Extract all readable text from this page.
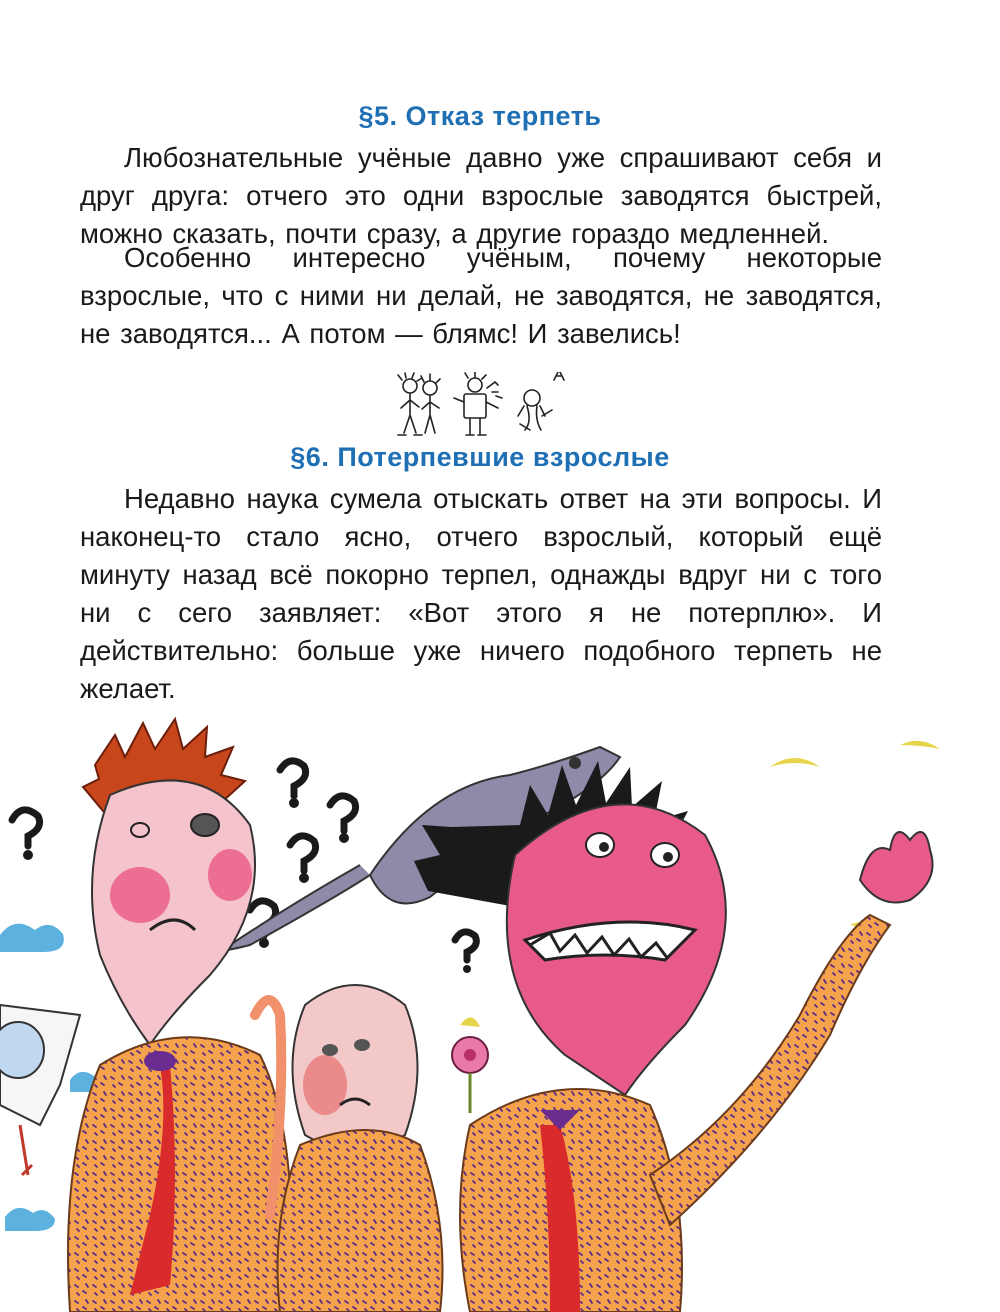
§5. Отказ терпеть

Любознательные учёные давно уже спрашивают себя и друг друга: отчего это одни взрослые заводятся быстрей, можно сказать, почти сразу, а другие гораздо медленней.

Особенно интересно учёным, почему некоторые взрослые, что с ними ни делай, не заводятся, не заводятся, не заводятся... А потом — блямс! И завелись!

§6. Потерпевшие взрослые

Недавно наука сумела отыскать ответ на эти вопросы. И наконец-то стало ясно, отчего взрослый, который ещё минуту назад всё покорно терпел, однажды вдруг ни с того ни с сего заявляет: «Вот этого я не потерплю». И действительно: больше уже ничего подобного терпеть не желает.
